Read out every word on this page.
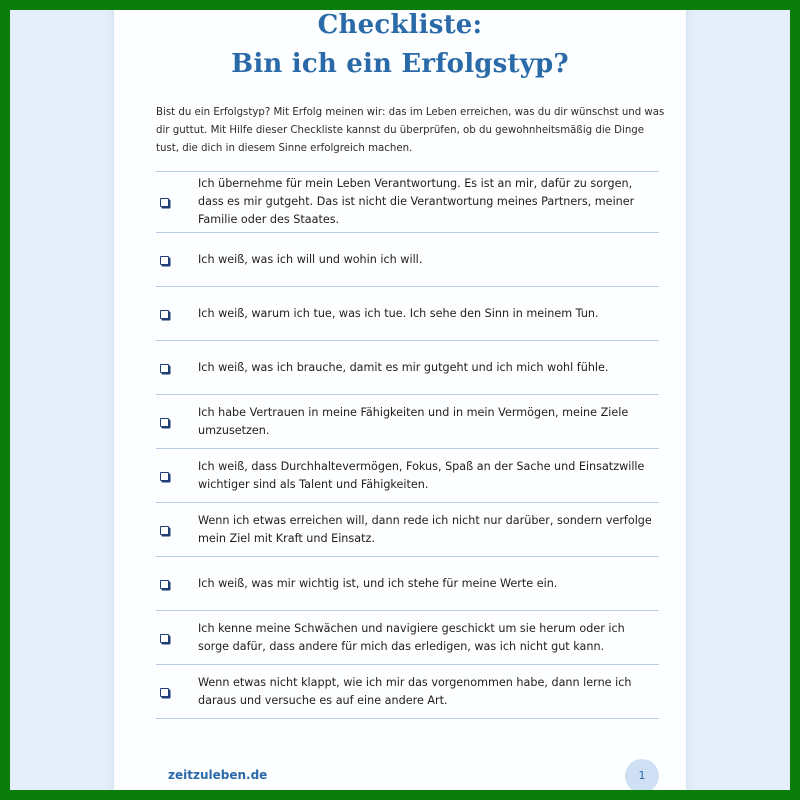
Checkliste:
Bin ich ein Erfolgstyp?
Bist du ein Erfolgstyp? Mit Erfolg meinen wir: das im Leben erreichen, was du dir wünschst und was dir guttut. Mit Hilfe dieser Checkliste kannst du überprüfen, ob du gewohnheitsmäßig die Dinge tust, die dich in diesem Sinne erfolgreich machen.
Ich übernehme für mein Leben Verantwortung. Es ist an mir, dafür zu sorgen, dass es mir gutgeht. Das ist nicht die Verantwortung meines Partners, meiner Familie oder des Staates.
Ich weiß, was ich will und wohin ich will.
Ich weiß, warum ich tue, was ich tue. Ich sehe den Sinn in meinem Tun.
Ich weiß, was ich brauche, damit es mir gutgeht und ich mich wohl fühle.
Ich habe Vertrauen in meine Fähigkeiten und in mein Vermögen, meine Ziele umzusetzen.
Ich weiß, dass Durchhaltevermögen, Fokus, Spaß an der Sache und Einsatzwille wichtiger sind als Talent und Fähigkeiten.
Wenn ich etwas erreichen will, dann rede ich nicht nur darüber, sondern verfolge mein Ziel mit Kraft und Einsatz.
Ich weiß, was mir wichtig ist, und ich stehe für meine Werte ein.
Ich kenne meine Schwächen und navigiere geschickt um sie herum oder ich sorge dafür, dass andere für mich das erledigen, was ich nicht gut kann.
Wenn etwas nicht klappt, wie ich mir das vorgenommen habe, dann lerne ich daraus und versuche es auf eine andere Art.
zeitzuleben.de	1
